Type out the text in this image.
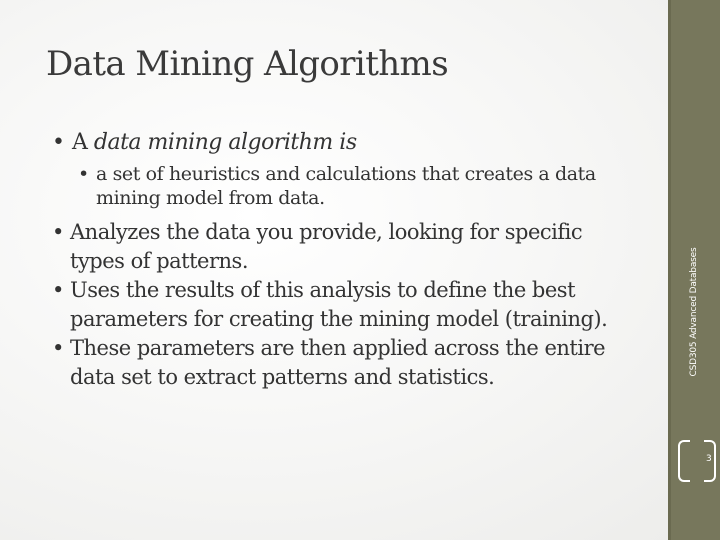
Data Mining Algorithms
• A data mining algorithm is
• a set of heuristics and calculations that creates a data mining model from data.
• Analyzes the data you provide, looking for specific types of patterns.
• Uses the results of this analysis to define the best parameters for creating the mining model (training).
• These parameters are then applied across the entire data set to extract patterns and statistics.
CSD305 Advanced Databases
3
